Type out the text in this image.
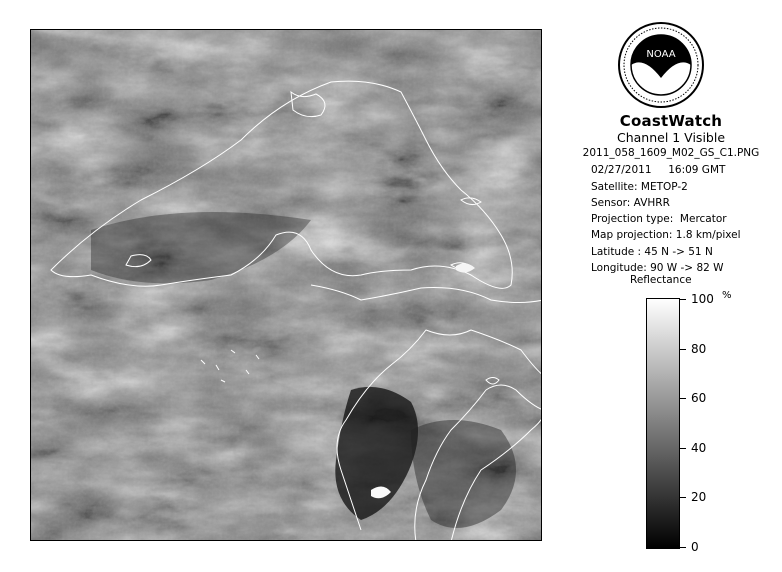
NOAA
CoastWatch
Channel 1 Visible
2011_058_1609_M02_GS_C1.PNG
02/27/2011     16:09 GMT
Satellite: METOP-2
Sensor: AVHRR
Projection type:  Mercator
Map projection: 1.8 km/pixel
Latitude : 45 N -> 51 N
Longitude: 90 W -> 82 W
Reflectance
%
100
80
60
40
20
0
